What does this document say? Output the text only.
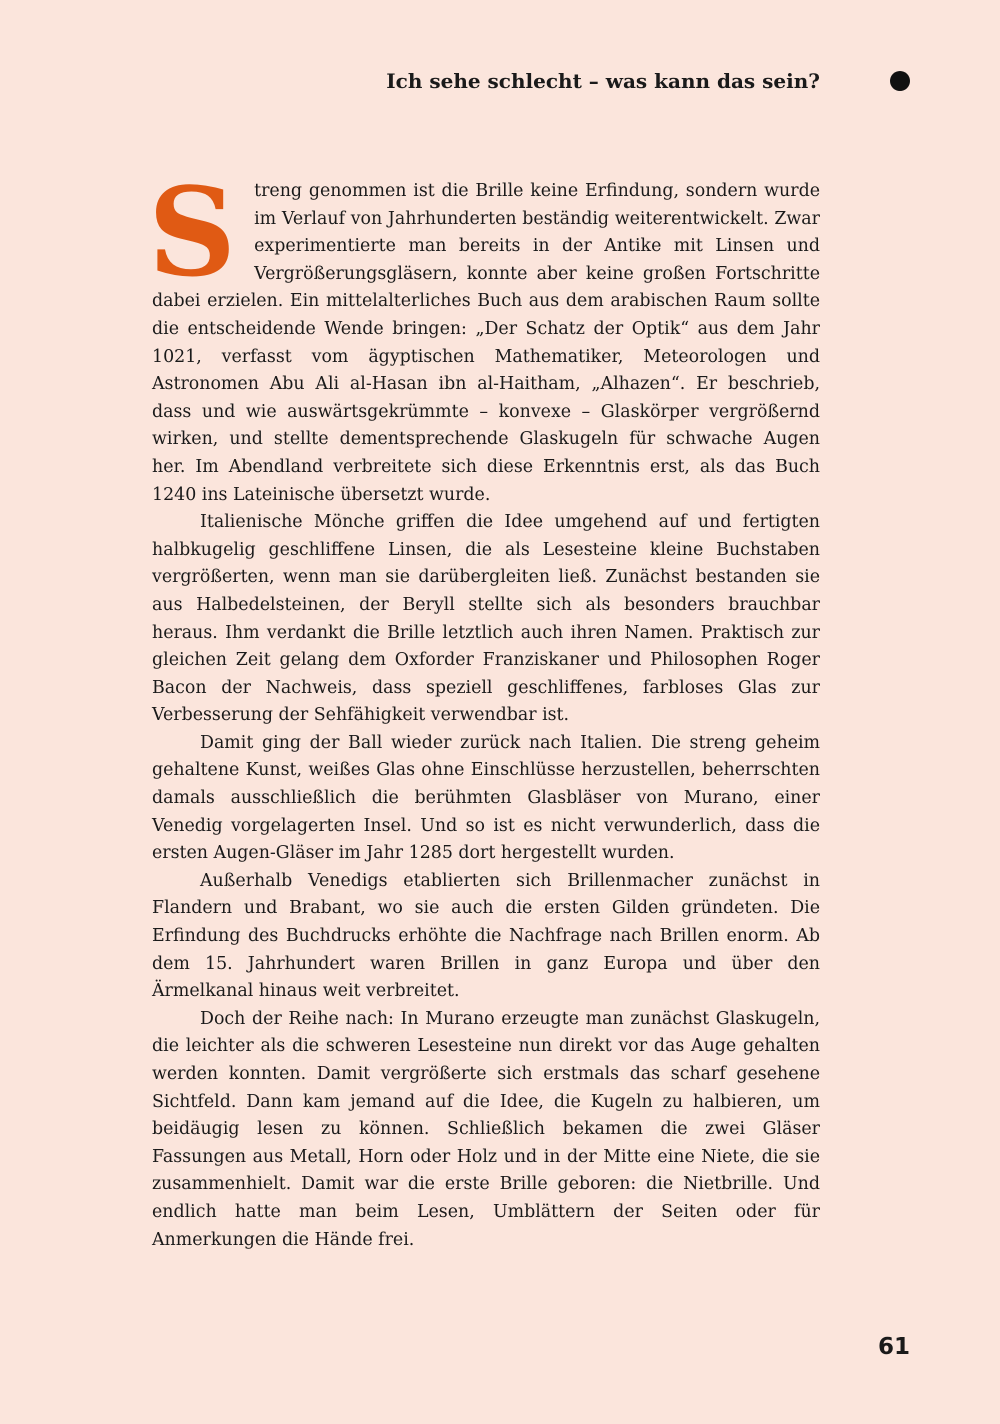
Ich sehe schlecht – was kann das sein?

S treng genommen ist die Brille keine Erfindung, sondern wurde im Verlauf von Jahrhunderten beständig weiterentwickelt. Zwar experimentierte man bereits in der Antike mit Linsen und Vergrößerungsgläsern, konnte aber keine großen Fortschritte dabei erzielen. Ein mittelalterliches Buch aus dem arabischen Raum sollte die entscheidende Wende bringen: „Der Schatz der Optik“ aus dem Jahr 1021, verfasst vom ägyptischen Mathematiker, Meteorologen und Astronomen Abu Ali al-Hasan ibn al-Haitham, „Alhazen“. Er beschrieb, dass und wie auswärtsgekrümmte – konvexe – Glaskörper vergrößernd wirken, und stellte dementsprechende Glaskugeln für schwache Augen her. Im Abendland verbreitete sich diese Erkenntnis erst, als das Buch 1240 ins Lateinische übersetzt wurde.

Italienische Mönche griffen die Idee umgehend auf und fertigten halbkugelig geschliffene Linsen, die als Lesesteine kleine Buchstaben vergrößerten, wenn man sie darübergleiten ließ. Zunächst bestanden sie aus Halbedelsteinen, der Beryll stellte sich als besonders brauchbar heraus. Ihm verdankt die Brille letztlich auch ihren Namen. Praktisch zur gleichen Zeit gelang dem Oxforder Franziskaner und Philosophen Roger Bacon der Nachweis, dass speziell geschliffenes, farbloses Glas zur Verbesserung der Sehfähigkeit verwendbar ist.

Damit ging der Ball wieder zurück nach Italien. Die streng geheim gehaltene Kunst, weißes Glas ohne Einschlüsse herzustellen, beherrschten damals ausschließlich die berühmten Glasbläser von Murano, einer Venedig vorgelagerten Insel. Und so ist es nicht verwunderlich, dass die ersten Augen-Gläser im Jahr 1285 dort hergestellt wurden.

Außerhalb Venedigs etablierten sich Brillenmacher zunächst in Flandern und Brabant, wo sie auch die ersten Gilden gründeten. Die Erfindung des Buchdrucks erhöhte die Nachfrage nach Brillen enorm. Ab dem 15. Jahrhundert waren Brillen in ganz Europa und über den Ärmelkanal hinaus weit verbreitet.

Doch der Reihe nach: In Murano erzeugte man zunächst Glaskugeln, die leichter als die schweren Lesesteine nun direkt vor das Auge gehalten werden konnten. Damit vergrößerte sich erstmals das scharf gesehene Sichtfeld. Dann kam jemand auf die Idee, die Kugeln zu halbieren, um beidäugig lesen zu können. Schließlich bekamen die zwei Gläser Fassungen aus Metall, Horn oder Holz und in der Mitte eine Niete, die sie zusammenhielt. Damit war die erste Brille geboren: die Nietbrille. Und endlich hatte man beim Lesen, Umblättern der Seiten oder für Anmerkungen die Hände frei.

61
